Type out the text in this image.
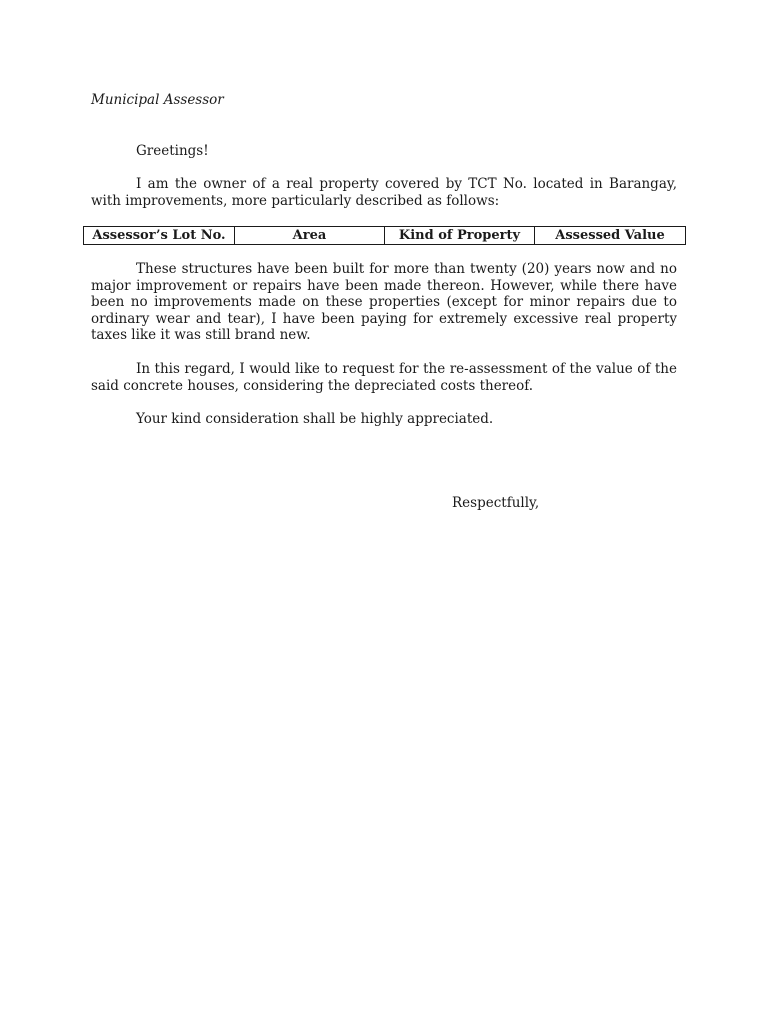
Municipal Assessor

Greetings!

I am the owner of a real property covered by TCT No. located in Barangay, with improvements, more particularly described as follows:

Assessor’s Lot No.	Area	Kind of Property	Assessed Value

These structures have been built for more than twenty (20) years now and no major improvement or repairs have been made thereon. However, while there have been no improvements made on these properties (except for minor repairs due to ordinary wear and tear), I have been paying for extremely excessive real property taxes like it was still brand new.

In this regard, I would like to request for the re-assessment of the value of the said concrete houses, considering the depreciated costs thereof.

Your kind consideration shall be highly appreciated.

Respectfully,
